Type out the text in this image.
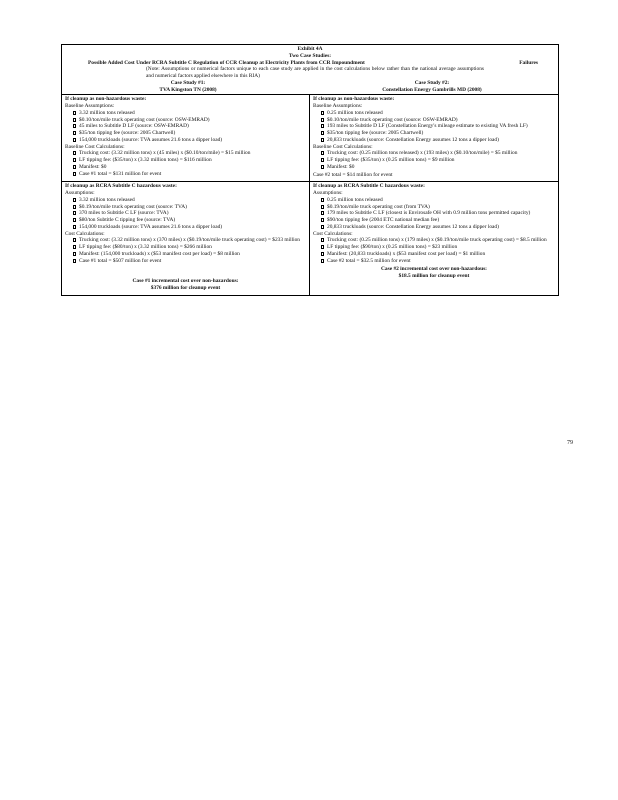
Exhibit 4A
Two Case Studies:
Possible Added Cost Under RCRA Subtitle C Regulation of CCR Cleanup at Electricity Plants from CCR Impoundment	Failures
(Note: Assumptions or numerical factors unique to each case study are applied in the cost calculations below rather than the national average assumptions and numerical factors applied elsewhere in this RIA)
Case Study #1:	Case Study #2:
TVA Kingston TN (2008)	Constellation Energy Gambrills MD (2008)
If cleanup as non-hazardous waste:
Baseline Assumptions:
3.32 million tons released
$0.10/ton/mile truck operating cost (source: OSW-EMRAD)
45 miles to Subtitle D LF (source: OSW-EMRAD)
$35/ton tipping fee (source: 2005 Chartwell)
154,000 truckloads (source: TVA assumes 21.6 tons a dipper load)
Baseline Cost Calculations:
Trucking cost: (3.32 million tons) x (45 miles) x ($0.10/ton/mile) = $15 million
LF tipping fee: ($35/ton) x (3.32 million tons) = $116 million
Manifest: $0
Case #1 total = $131 million for event
If cleanup as non-hazardous waste:
Baseline Assumptions:
0.25 million tons released
$0.10/ton/mile truck operating cost (source: OSW-EMRAD)
193 miles to Subtitle D LF (Constellation Energy's mileage estimate to existing VA fresh LF)
$35/ton tipping fee (source: 2005 Chartwell)
20,833 truckloads (source: Constellation Energy assumes 12 tons a dipper load)
Baseline Cost Calculations:
Trucking cost: (0.25 million tons released) x (193 miles) x ($0.10/ton/mile) = $5 million
LF tipping fee: ($35/ton) x (0.25 million tons) = $9 million
Manifest: $0
Case #2 total = $14 million for event
If cleanup as RCRA Subtitle C hazardous waste:
Assumptions:
3.32 million tons released
$0.19/ton/mile truck operating cost (source: TVA)
370 miles to Subtitle C LF (source: TVA)
$80/ton Subtitle C tipping fee (source: TVA)
154,000 truckloads (source: TVA assumes 21.6 tons a dipper load)
Cost Calculations:
Trucking cost: (3.32 million tons) x (370 miles) x ($0.19/ton/mile truck operating cost) = $233 million
LF tipping fee: ($80/ton) x (3.32 million tons) = $266 million
Manifest: (154,000 truckloads) x ($53 manifest cost per load) = $8 million
Case #1 total = $507 million for event
Case #1 incremental cost over non-hazardous:
$376 million for cleanup event
If cleanup as RCRA Subtitle C hazardous waste:
Assumptions:
0.25 million tons released
$0.19/ton/mile truck operating cost (from TVA)
179 miles to Subtitle C LF (closest is Envirosafe OH with 0.9 million tons permitted capacity)
$90/ton tipping fee (2004 ETC national median fee)
20,833 truckloads (source: Constellation Energy assumes 12 tons a dipper load)
Cost Calculations:
Trucking cost: (0.25 million tons) x (179 miles) x ($0.19/ton/mile truck operating cost) = $8.5 million
LF tipping fee: ($90/ton) x (0.25 million tons) = $23 million
Manifest: (20,833 truckloads) x ($53 manifest cost per load) = $1 million
Case #2 total = $32.5 million for event
Case #2 incremental cost over non-hazardous:
$18.5 million for cleanup event
79
